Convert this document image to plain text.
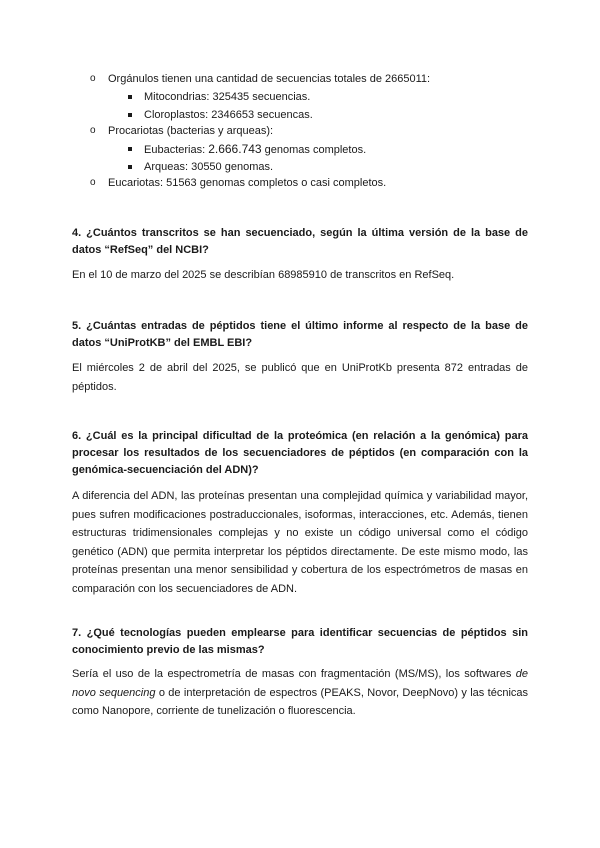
o Orgánulos tienen una cantidad de secuencias totales de 2665011:
Mitocondrias: 325435 secuencias.
Cloroplastos: 2346653 secuencas.
o Procariotas (bacterias y arqueas):
Eubacterias: 2.666.743 genomas completos.
Arqueas: 30550 genomas.
o Eucariotas: 51563 genomas completos o casi completos.
4. ¿Cuántos transcritos se han secuenciado, según la última versión de la base de datos “RefSeq” del NCBI?
En el 10 de marzo del 2025 se describían 68985910 de transcritos en RefSeq.
5. ¿Cuántas entradas de péptidos tiene el último informe al respecto de la base de datos “UniProtKB” del EMBL EBI?
El miércoles 2 de abril del 2025, se publicó que en UniProtKb presenta 872 entradas de péptidos.
6. ¿Cuál es la principal dificultad de la proteómica (en relación a la genómica) para procesar los resultados de los secuenciadores de péptidos (en comparación con la genómica-secuenciación del ADN)?
A diferencia del ADN, las proteínas presentan una complejidad química y variabilidad mayor, pues sufren modificaciones postraduccionales, isoformas, interacciones, etc. Además, tienen estructuras tridimensionales complejas y no existe un código universal como el código genético (ADN) que permita interpretar los péptidos directamente. De este mismo modo, las proteínas presentan una menor sensibilidad y cobertura de los espectrómetros de masas en comparación con los secuenciadores de ADN.
7. ¿Qué tecnologías pueden emplearse para identificar secuencias de péptidos sin conocimiento previo de las mismas?
Sería el uso de la espectrometría de masas con fragmentación (MS/MS), los softwares de novo sequencing o de interpretación de espectros (PEAKS, Novor, DeepNovo) y las técnicas como Nanopore, corriente de tunelización o fluorescencia.
